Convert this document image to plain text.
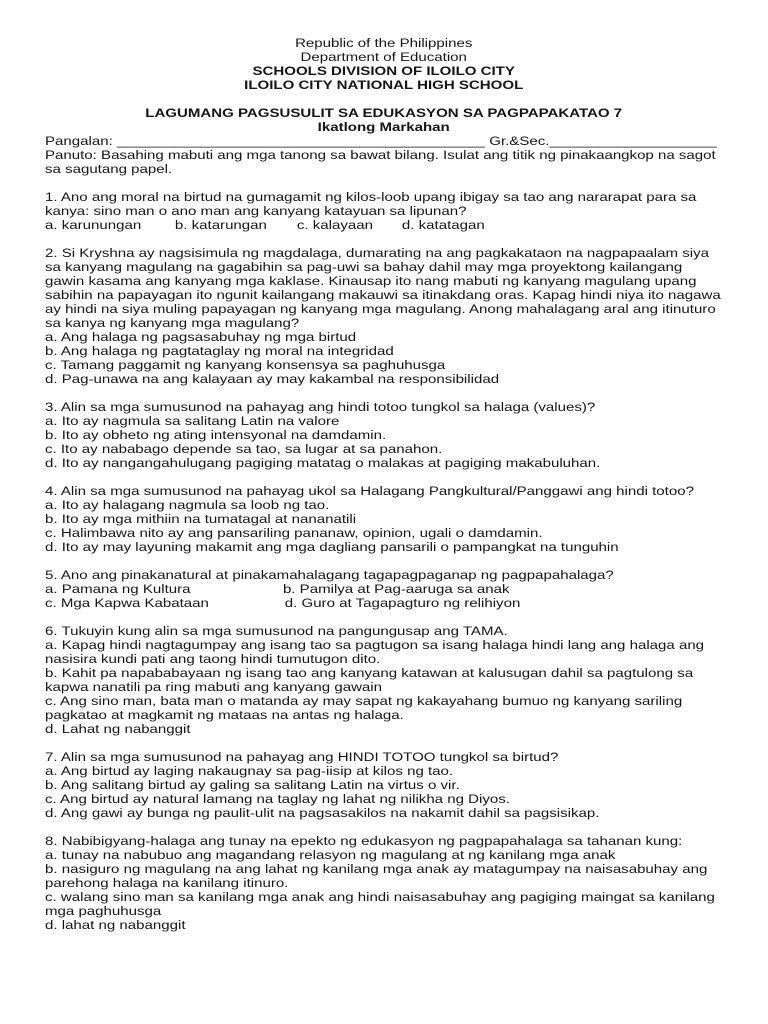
Republic of the Philippines
Department of Education
SCHOOLS DIVISION OF ILOILO CITY
ILOILO CITY NATIONAL HIGH SCHOOL
LAGUMANG PAGSUSULIT SA EDUKASYON SA PAGPAPAKATAO 7
Ikatlong Markahan
Pangalan: ____________________________________________ Gr.&Sec.____________________
Panuto: Basahing mabuti ang mga tanong sa bawat bilang. Isulat ang titik ng pinakaangkop na sagot
sa sagutang papel.
1. Ano ang moral na birtud na gumagamit ng kilos-loob upang ibigay sa tao ang nararapat para sa
kanya: sino man o ano man ang kanyang katayuan sa lipunan?
a. karunungan	b. katarungan c. kalayaan d. katatagan
2. Si Kryshna ay nagsisimula ng magdalaga, dumarating na ang pagkakataon na nagpapaalam siya
sa kanyang magulang na gagabihin sa pag-uwi sa bahay dahil may mga proyektong kailangang
gawin kasama ang kanyang mga kaklase. Kinausap ito nang mabuti ng kanyang magulang upang
sabihin na papayagan ito ngunit kailangang makauwi sa itinakdang oras. Kapag hindi niya ito nagawa
ay hindi na siya muling papayagan ng kanyang mga magulang. Anong mahalagang aral ang itinuturo
sa kanya ng kanyang mga magulang?
a. Ang halaga ng pagsasabuhay ng mga birtud
b. Ang halaga ng pagtataglay ng moral na integridad
c. Tamang paggamit ng kanyang konsensya sa paghuhusga
d. Pag-unawa na ang kalayaan ay may kakambal na responsibilidad
3. Alin sa mga sumusunod na pahayag ang hindi totoo tungkol sa halaga (values)?
a. Ito ay nagmula sa salitang Latin na valore
b. Ito ay obheto ng ating intensyonal na damdamin.
c. Ito ay nababago depende sa tao, sa lugar at sa panahon.
d. Ito ay nangangahulugang pagiging matatag o malakas at pagiging makabuluhan.
4. Alin sa mga sumusunod na pahayag ukol sa Halagang Pangkultural/Panggawi ang hindi totoo?
a. Ito ay halagang nagmula sa loob ng tao.
b. Ito ay mga mithiin na tumatagal at nananatili
c. Halimbawa nito ay ang pansariling pananaw, opinion, ugali o damdamin.
d. Ito ay may layuning makamit ang mga dagliang pansarili o pampangkat na tunguhin
5. Ano ang pinakanatural at pinakamahalagang tagapagpaganap ng pagpapahalaga?
a. Pamana ng Kultura	b. Pamilya at Pag-aaruga sa anak
c. Mga Kapwa Kabataan	d. Guro at Tagapagturo ng relihiyon
6. Tukuyin kung alin sa mga sumusunod na pangungusap ang TAMA.
a. Kapag hindi nagtagumpay ang isang tao sa pagtugon sa isang halaga hindi lang ang halaga ang
nasisira kundi pati ang taong hindi tumutugon dito.
b. Kahit pa napababayaan ng isang tao ang kanyang katawan at kalusugan dahil sa pagtulong sa
kapwa nanatili pa ring mabuti ang kanyang gawain
c. Ang sino man, bata man o matanda ay may sapat ng kakayahang bumuo ng kanyang sariling
pagkatao at magkamit ng mataas na antas ng halaga.
d. Lahat ng nabanggit
7. Alin sa mga sumusunod na pahayag ang HINDI TOTOO tungkol sa birtud?
a. Ang birtud ay laging nakaugnay sa pag-iisip at kilos ng tao.
b. Ang salitang birtud ay galing sa salitang Latin na virtus o vir.
c. Ang birtud ay natural lamang na taglay ng lahat ng nilikha ng Diyos.
d. Ang gawi ay bunga ng paulit-ulit na pagsasakilos na nakamit dahil sa pagsisikap.
8. Nabibigyang-halaga ang tunay na epekto ng edukasyon ng pagpapahalaga sa tahanan kung:
a. tunay na nabubuo ang magandang relasyon ng magulang at ng kanilang mga anak
b. nasiguro ng magulang na ang lahat ng kanilang mga anak ay matagumpay na naisasabuhay ang
parehong halaga na kanilang itinuro.
c. walang sino man sa kanilang mga anak ang hindi naisasabuhay ang pagiging maingat sa kanilang
mga paghuhusga
d. lahat ng nabanggit
